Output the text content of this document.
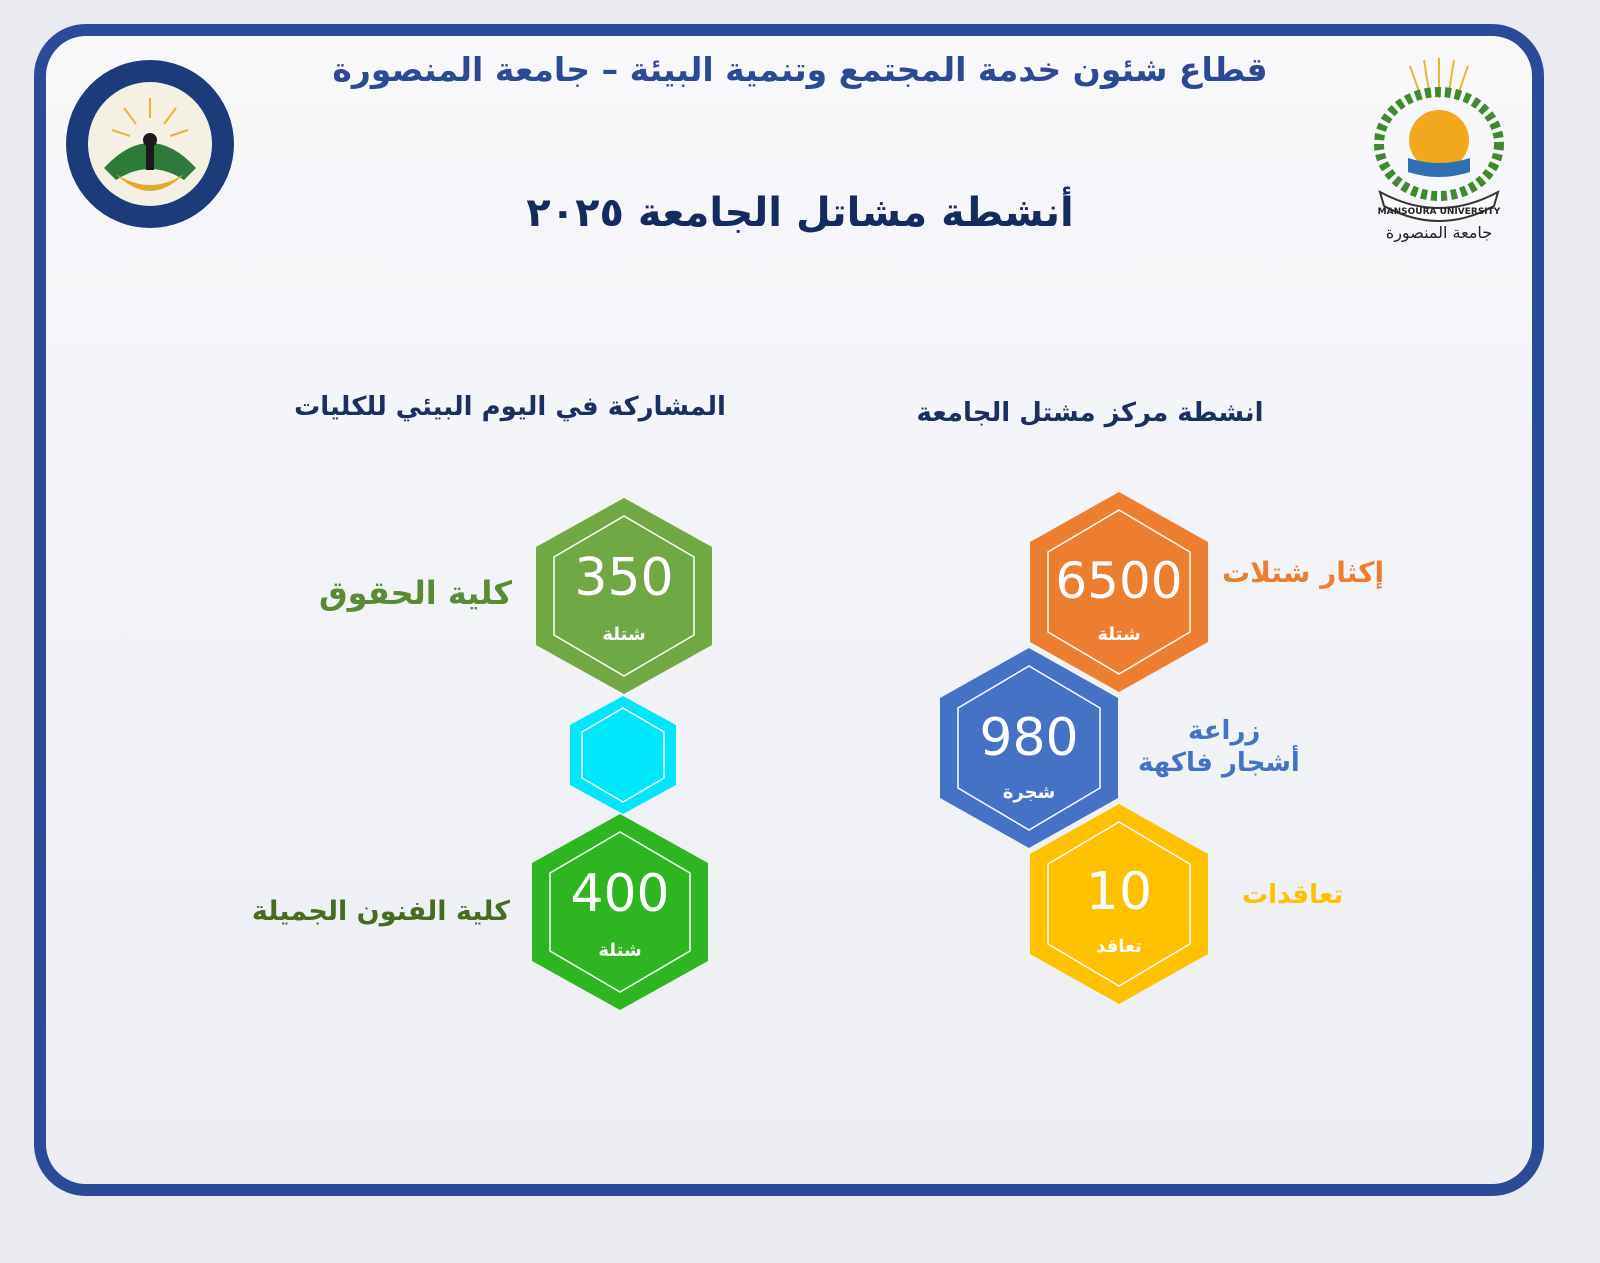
MANSOURA UNIVERSITY
جامعة المنصورة
قطاع شئون خدمة المجتمع وتنمية البيئة – جامعة المنصورة
أنشطة مشاتل الجامعة ٢٠٢٥
المشاركة في اليوم البيئي للكليات	انشطة مركز مشتل الجامعة
350
شتلة
كلية الحقوق
400
شتلة
كلية الفنون الجميلة
6500
شتلة
إكثار شتلات
980
شجرة
زراعة
أشجار فاكهة
10
تعاقد
تعاقدات
